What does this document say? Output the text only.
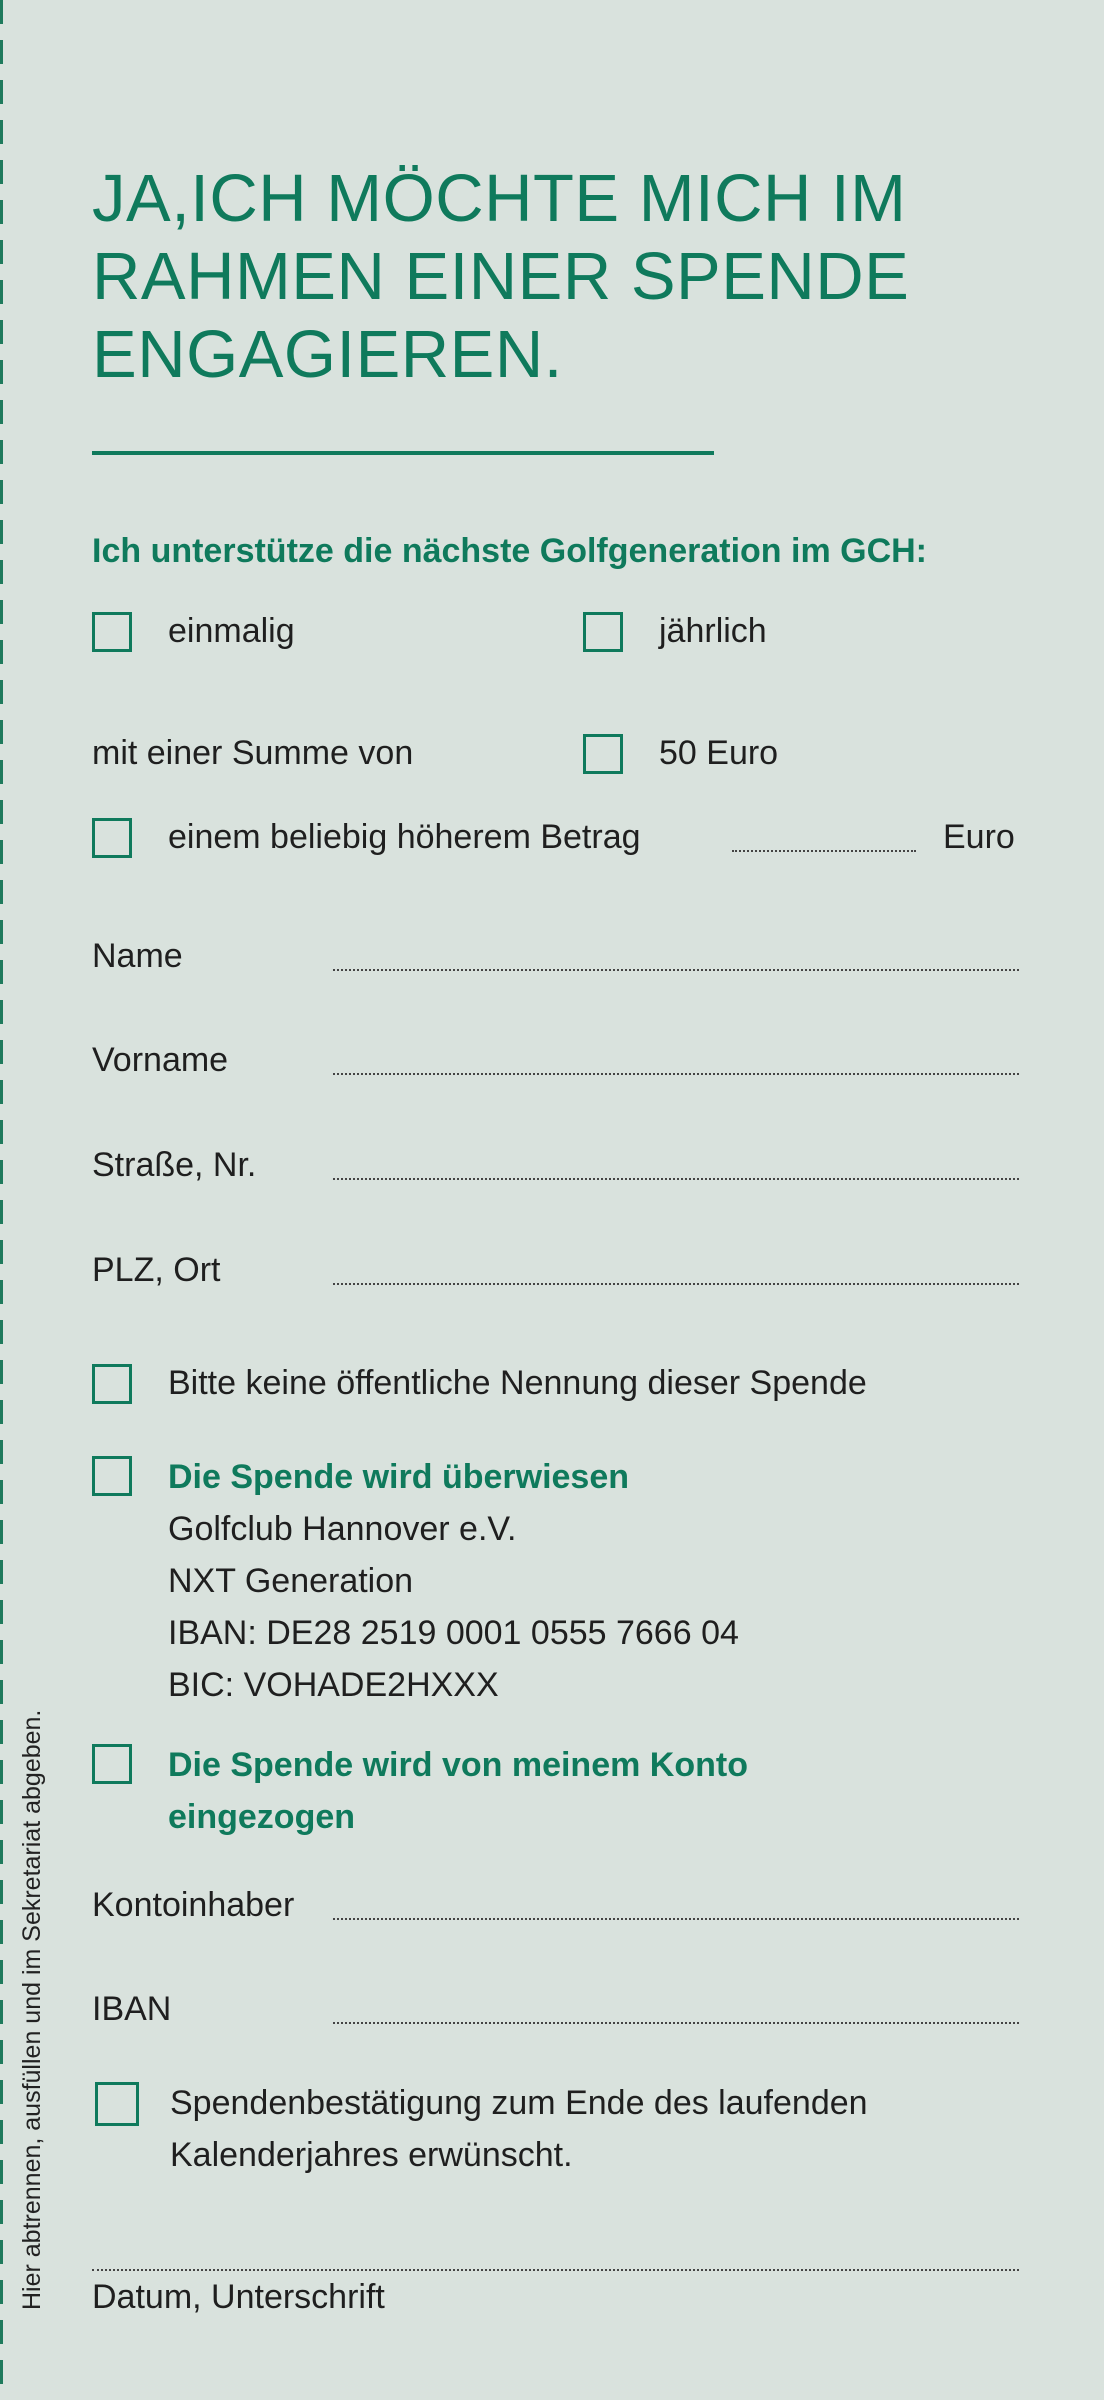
Hier abtrennen, ausfüllen und im Sekretariat abgeben.
JA,ICH MÖCHTE MICH IM
RAHMEN EINER SPENDE
ENGAGIEREN.
Ich unterstütze die nächste Golfgeneration im GCH:
einmalig	jährlich
mit einer Summe von	50 Euro
einem beliebig höherem Betrag	Euro
Name
Vorname
Straße, Nr.
PLZ, Ort
Bitte keine öffentliche Nennung dieser Spende
Die Spende wird überwiesen
Golfclub Hannover e.V.
NXT Generation
IBAN: DE28 2519 0001 0555 7666 04
BIC: VOHADE2HXXX
Die Spende wird von meinem Konto
eingezogen
Kontoinhaber
IBAN
Spendenbestätigung zum Ende des laufenden
Kalenderjahres erwünscht.
Datum, Unterschrift
